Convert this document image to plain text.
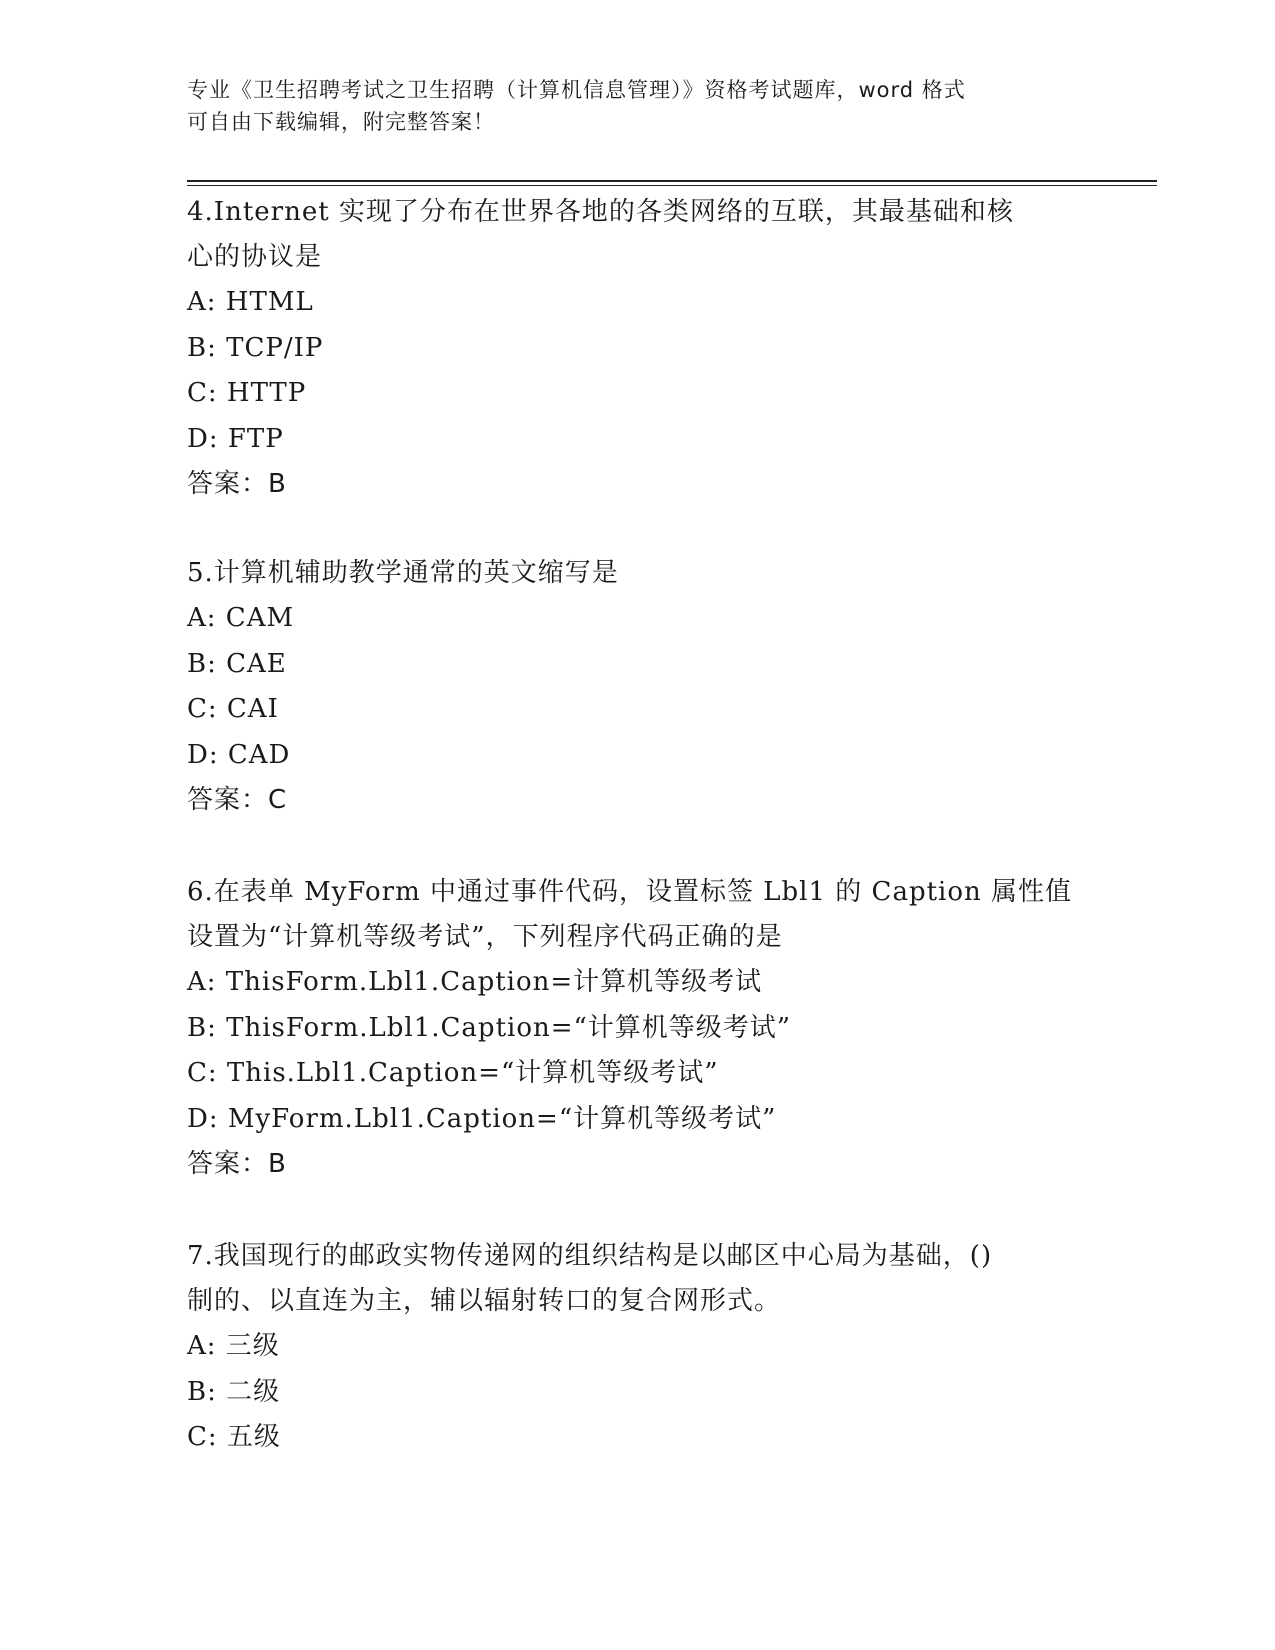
专业《卫生招聘考试之卫生招聘（计算机信息管理）》资格考试题库，word 格式
可自由下载编辑，附完整答案！
4.Internet 实现了分布在世界各地的各类网络的互联，其最基础和核
心的协议是
A: HTML
B: TCP/IP
C: HTTP
D: FTP
答案：B
5.计算机辅助教学通常的英文缩写是
A: CAM
B: CAE
C: CAI
D: CAD
答案：C
6.在表单 MyForm 中通过事件代码，设置标签 Lbl1 的 Caption 属性值
设置为“计算机等级考试”，下列程序代码正确的是
A: ThisForm.Lbl1.Caption=计算机等级考试
B: ThisForm.Lbl1.Caption=“计算机等级考试”
C: This.Lbl1.Caption=“计算机等级考试”
D: MyForm.Lbl1.Caption=“计算机等级考试”
答案：B
7.我国现行的邮政实物传递网的组织结构是以邮区中心局为基础，()
制的、以直连为主，辅以辐射转口的复合网形式。
A: 三级
B: 二级
C: 五级
